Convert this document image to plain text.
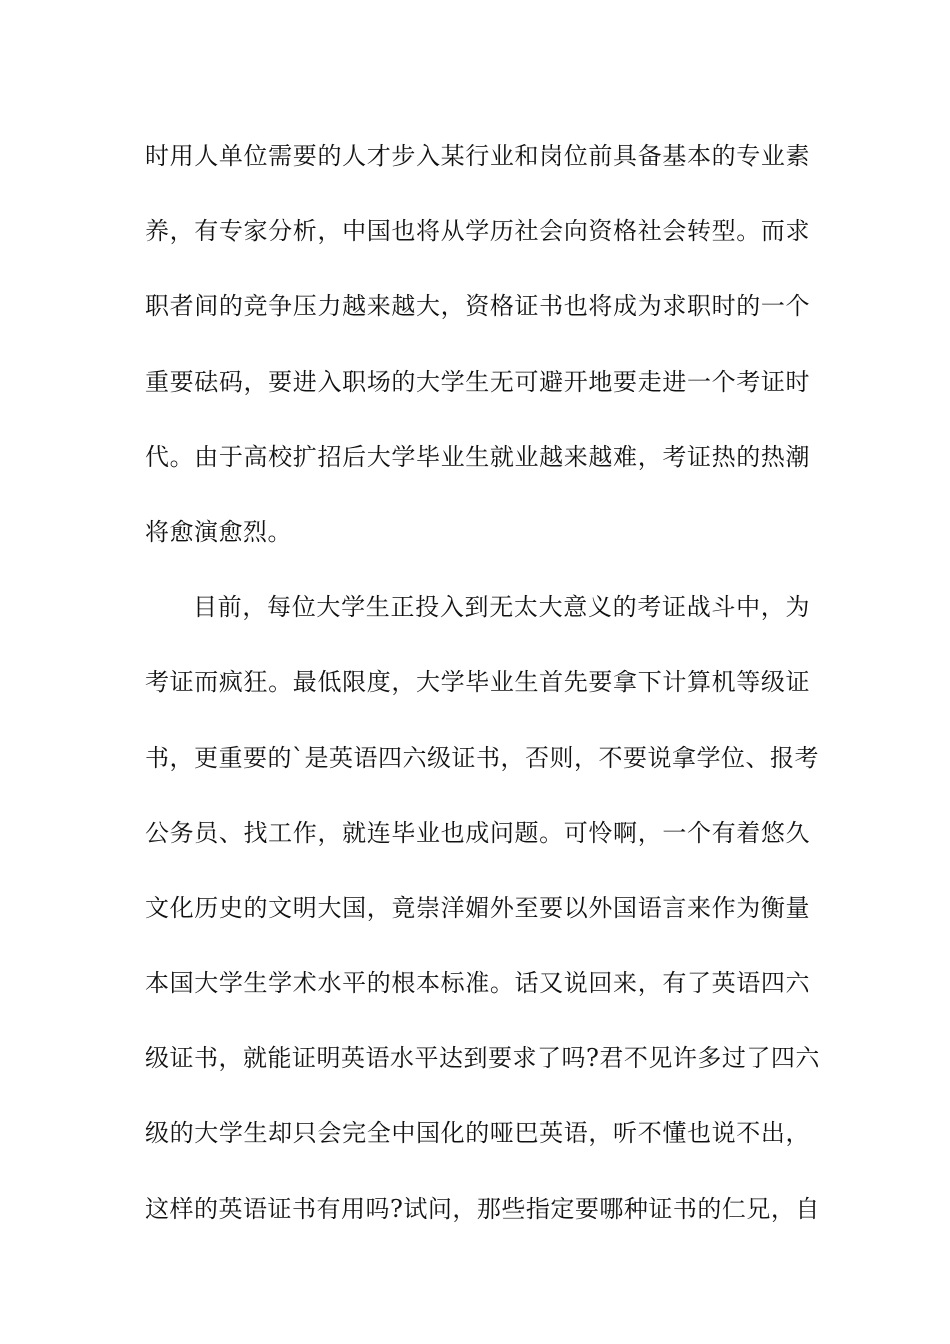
时用人单位需要的人才步入某行业和岗位前具备基本的专业素
养，有专家分析，中国也将从学历社会向资格社会转型。而求
职者间的竞争压力越来越大，资格证书也将成为求职时的一个
重要砝码，要进入职场的大学生无可避开地要走进一个考证时
代。由于高校扩招后大学毕业生就业越来越难，考证热的热潮
将愈演愈烈。
目前，每位大学生正投入到无太大意义的考证战斗中，为
考证而疯狂。最低限度，大学毕业生首先要拿下计算机等级证
书，更重要的`是英语四六级证书，否则，不要说拿学位、报考
公务员、找工作，就连毕业也成问题。可怜啊，一个有着悠久
文化历史的文明大国，竟崇洋媚外至要以外国语言来作为衡量
本国大学生学术水平的根本标准。话又说回来，有了英语四六
级证书，就能证明英语水平达到要求了吗?君不见许多过了四六
级的大学生却只会完全中国化的哑巴英语，听不懂也说不出，
这样的英语证书有用吗?试问，那些指定要哪种证书的仁兄，自
